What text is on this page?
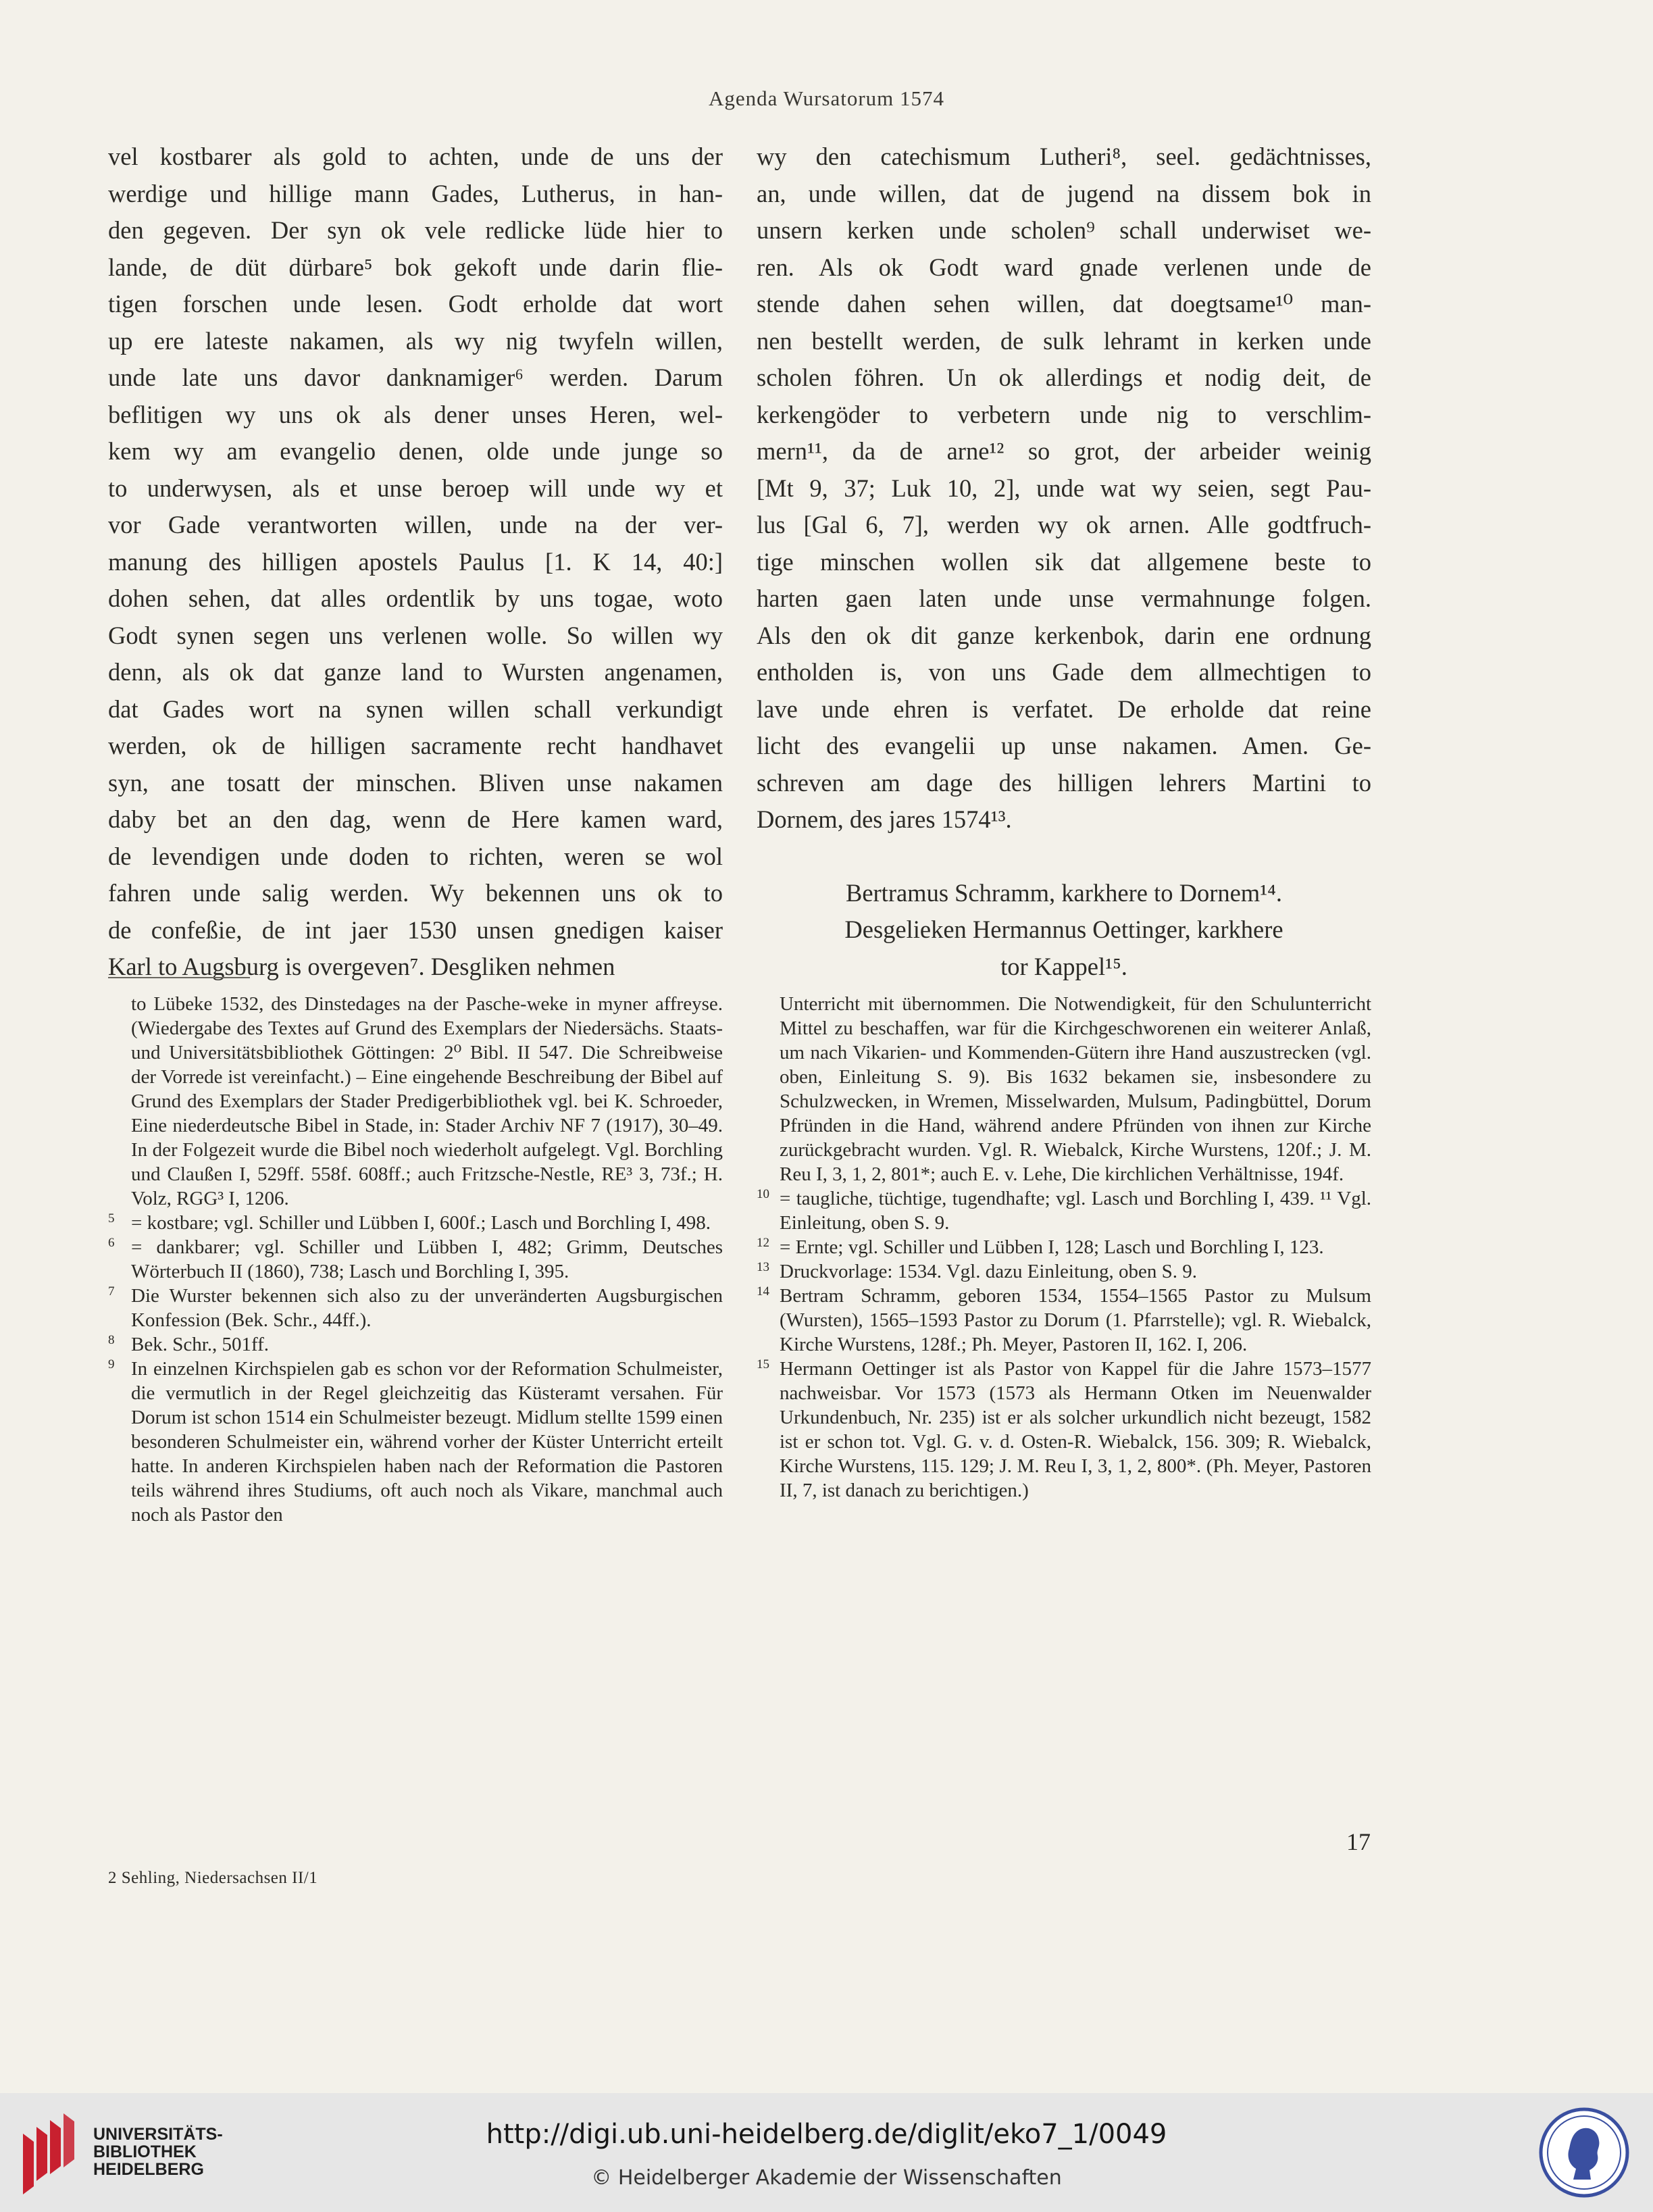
Agenda Wursatorum 1574
vel kostbarer als gold to achten, unde de uns der
werdige und hillige mann Gades, Lutherus, in han-
den gegeven. Der syn ok vele redlicke lüde hier to
lande, de düt dürbare⁵ bok gekoft unde darin flie-
tigen forschen unde lesen. Godt erholde dat wort
up ere lateste nakamen, als wy nig twyfeln willen,
unde late uns davor danknamiger⁶ werden. Darum
beflitigen wy uns ok als dener unses Heren, wel-
kem wy am evangelio denen, olde unde junge so
to underwysen, als et unse beroep will unde wy et
vor Gade verantworten willen, unde na der ver-
manung des hilligen apostels Paulus [1. K 14, 40:]
dohen sehen, dat alles ordentlik by uns togae, woto
Godt synen segen uns verlenen wolle. So willen wy
denn, als ok dat ganze land to Wursten angenamen,
dat Gades wort na synen willen schall verkundigt
werden, ok de hilligen sacramente recht handhavet
syn, ane tosatt der minschen. Bliven unse nakamen
daby bet an den dag, wenn de Here kamen ward,
de levendigen unde doden to richten, weren se wol
fahren unde salig werden. Wy bekennen uns ok to
de confeßie, de int jaer 1530 unsen gnedigen kaiser
Karl to Augsburg is overgeven⁷. Desgliken nehmen
wy den catechismum Lutheri⁸, seel. gedächtnisses,
an, unde willen, dat de jugend na dissem bok in
unsern kerken unde scholen⁹ schall underwiset we-
ren. Als ok Godt ward gnade verlenen unde de
stende dahen sehen willen, dat doegtsame¹⁰ man-
nen bestellt werden, de sulk lehramt in kerken unde
scholen föhren. Un ok allerdings et nodig deit, de
kerkengöder to verbetern unde nig to verschlim-
mern¹¹, da de arne¹² so grot, der arbeider weinig
[Mt 9, 37; Luk 10, 2], unde wat wy seien, segt Pau-
lus [Gal 6, 7], werden wy ok arnen. Alle godtfruch-
tige minschen wollen sik dat allgemene beste to
harten gaen laten unde unse vermahnunge folgen.
Als den ok dit ganze kerkenbok, darin ene ordnung
entholden is, von uns Gade dem allmechtigen to
lave unde ehren is verfatet. De erholde dat reine
licht des evangelii up unse nakamen. Amen. Ge-
schreven am dage des hilligen lehrers Martini to
Dornem, des jares 1574¹³.
Bertramus Schramm, karkhere to Dornem¹⁴.
Desgelieken Hermannus Oettinger, karkhere
tor Kappel¹⁵.
to Lübeke 1532, des Dinstedages na der Pasche-weke in myner affreyse. (Wiedergabe des Textes auf Grund des Exemplars der Niedersächs. Staats- und Universitätsbibliothek Göttingen: 2⁰ Bibl. II 547. Die Schreibweise der Vorrede ist vereinfacht.) – Eine eingehende Beschreibung der Bibel auf Grund des Exemplars der Stader Predigerbibliothek vgl. bei K. Schroeder, Eine niederdeutsche Bibel in Stade, in: Stader Archiv NF 7 (1917), 30–49. In der Folgezeit wurde die Bibel noch wiederholt aufgelegt. Vgl. Borchling und Claußen I, 529ff. 558f. 608ff.; auch Fritzsche-Nestle, RE³ 3, 73f.; H. Volz, RGG³ I, 1206.
5 = kostbare; vgl. Schiller und Lübben I, 600f.; Lasch und Borchling I, 498.
6 = dankbarer; vgl. Schiller und Lübben I, 482; Grimm, Deutsches Wörterbuch II (1860), 738; Lasch und Borchling I, 395.
7 Die Wurster bekennen sich also zu der unveränderten Augsburgischen Konfession (Bek. Schr., 44ff.).
8 Bek. Schr., 501ff.
9 In einzelnen Kirchspielen gab es schon vor der Reformation Schulmeister, die vermutlich in der Regel gleichzeitig das Küsteramt versahen. Für Dorum ist schon 1514 ein Schulmeister bezeugt. Midlum stellte 1599 einen besonderen Schulmeister ein, während vorher der Küster Unterricht erteilt hatte. In anderen Kirchspielen haben nach der Reformation die Pastoren teils während ihres Studiums, oft auch noch als Vikare, manchmal auch noch als Pastor den
Unterricht mit übernommen. Die Notwendigkeit, für den Schulunterricht Mittel zu beschaffen, war für die Kirchgeschworenen ein weiterer Anlaß, um nach Vikarien- und Kommenden-Gütern ihre Hand auszustrecken (vgl. oben, Einleitung S. 9). Bis 1632 bekamen sie, insbesondere zu Schulzwecken, in Wremen, Misselwarden, Mulsum, Padingbüttel, Dorum Pfründen in die Hand, während andere Pfründen von ihnen zur Kirche zurückgebracht wurden. Vgl. R. Wiebalck, Kirche Wurstens, 120f.; J. M. Reu I, 3, 1, 2, 801*; auch E. v. Lehe, Die kirchlichen Verhältnisse, 194f.
10 = taugliche, tüchtige, tugendhafte; vgl. Lasch und Borchling I, 439. ¹¹ Vgl. Einleitung, oben S. 9.
12 = Ernte; vgl. Schiller und Lübben I, 128; Lasch und Borchling I, 123.
13 Druckvorlage: 1534. Vgl. dazu Einleitung, oben S. 9.
14 Bertram Schramm, geboren 1534, 1554–1565 Pastor zu Mulsum (Wursten), 1565–1593 Pastor zu Dorum (1. Pfarrstelle); vgl. R. Wiebalck, Kirche Wurstens, 128f.; Ph. Meyer, Pastoren II, 162. I, 206.
15 Hermann Oettinger ist als Pastor von Kappel für die Jahre 1573–1577 nachweisbar. Vor 1573 (1573 als Hermann Otken im Neuenwalder Urkundenbuch, Nr. 235) ist er als solcher urkundlich nicht bezeugt, 1582 ist er schon tot. Vgl. G. v. d. Osten-R. Wiebalck, 156. 309; R. Wiebalck, Kirche Wurstens, 115. 129; J. M. Reu I, 3, 1, 2, 800*. (Ph. Meyer, Pastoren II, 7, ist danach zu berichtigen.)
17
2 Sehling, Niedersachsen II/1
UNIVERSITÄTS-
BIBLIOTHEK
HEIDELBERG
http://digi.ub.uni-heidelberg.de/diglit/eko7_1/0049
© Heidelberger Akademie der Wissenschaften
